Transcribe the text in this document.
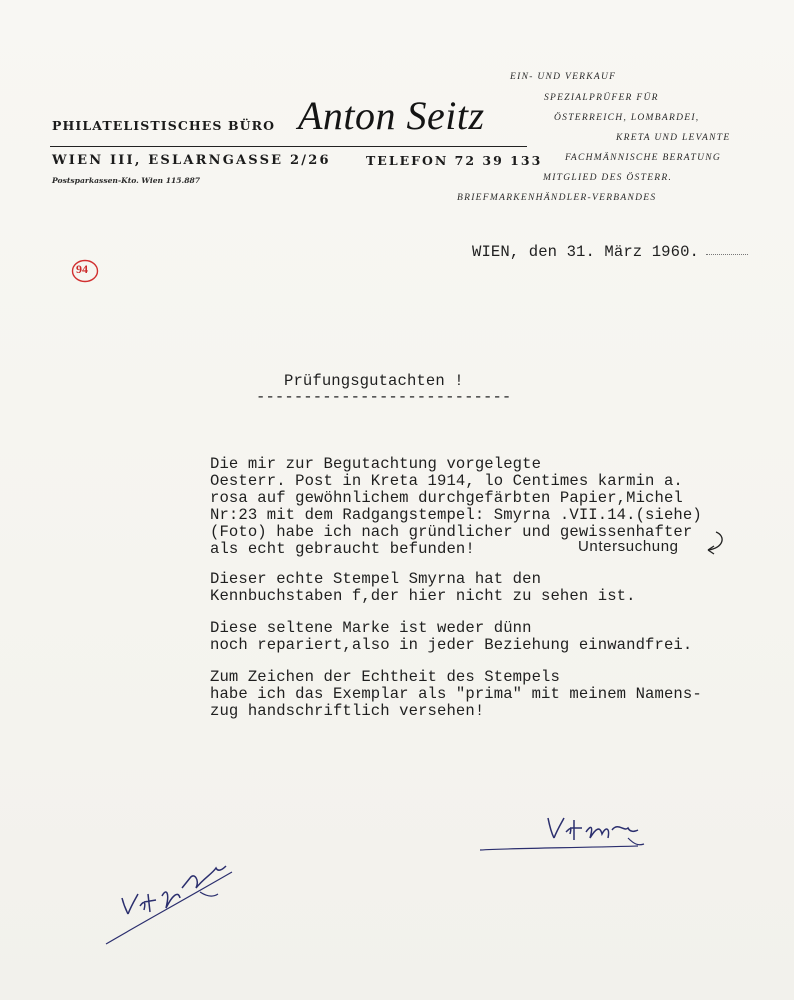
PHILATELISTISCHES BÜRO Anton Seitz
WIEN III, ESLARNGASSE 2/26	TELEFON 72 39 133
Postsparkassen-Kto. Wien 115.887
EIN- UND VERKAUF
SPEZIALPRÜFER FÜR
ÖSTERREICH, LOMBARDEI,
KRETA UND LEVANTE
FACHMÄNNISCHE BERATUNG
MITGLIED DES ÖSTERR.
BRIEFMARKENHÄNDLER-VERBANDES
94
WIEN, den 31. März 1960.
Prüfungsgutachten !
---------------------------
Die mir zur Begutachtung vorgelegte
Oesterr. Post in Kreta 1914, lo Centimes karmin a.
rosa auf gewöhnlichem durchgefärbten Papier,Michel
Nr:23 mit dem Radgangstempel: Smyrna .VII.14.(siehe)
(Foto) habe ich nach gründlicher und gewissenhafter
als echt gebraucht befunden!	Untersuchung
Dieser echte Stempel Smyrna hat den
Kennbuchstaben f,der hier nicht zu sehen ist.
Diese seltene Marke ist weder dünn
noch repariert,also in jeder Beziehung einwandfrei.
Zum Zeichen der Echtheit des Stempels
habe ich das Exemplar als "prima" mit meinem Namens-
zug handschriftlich versehen!
